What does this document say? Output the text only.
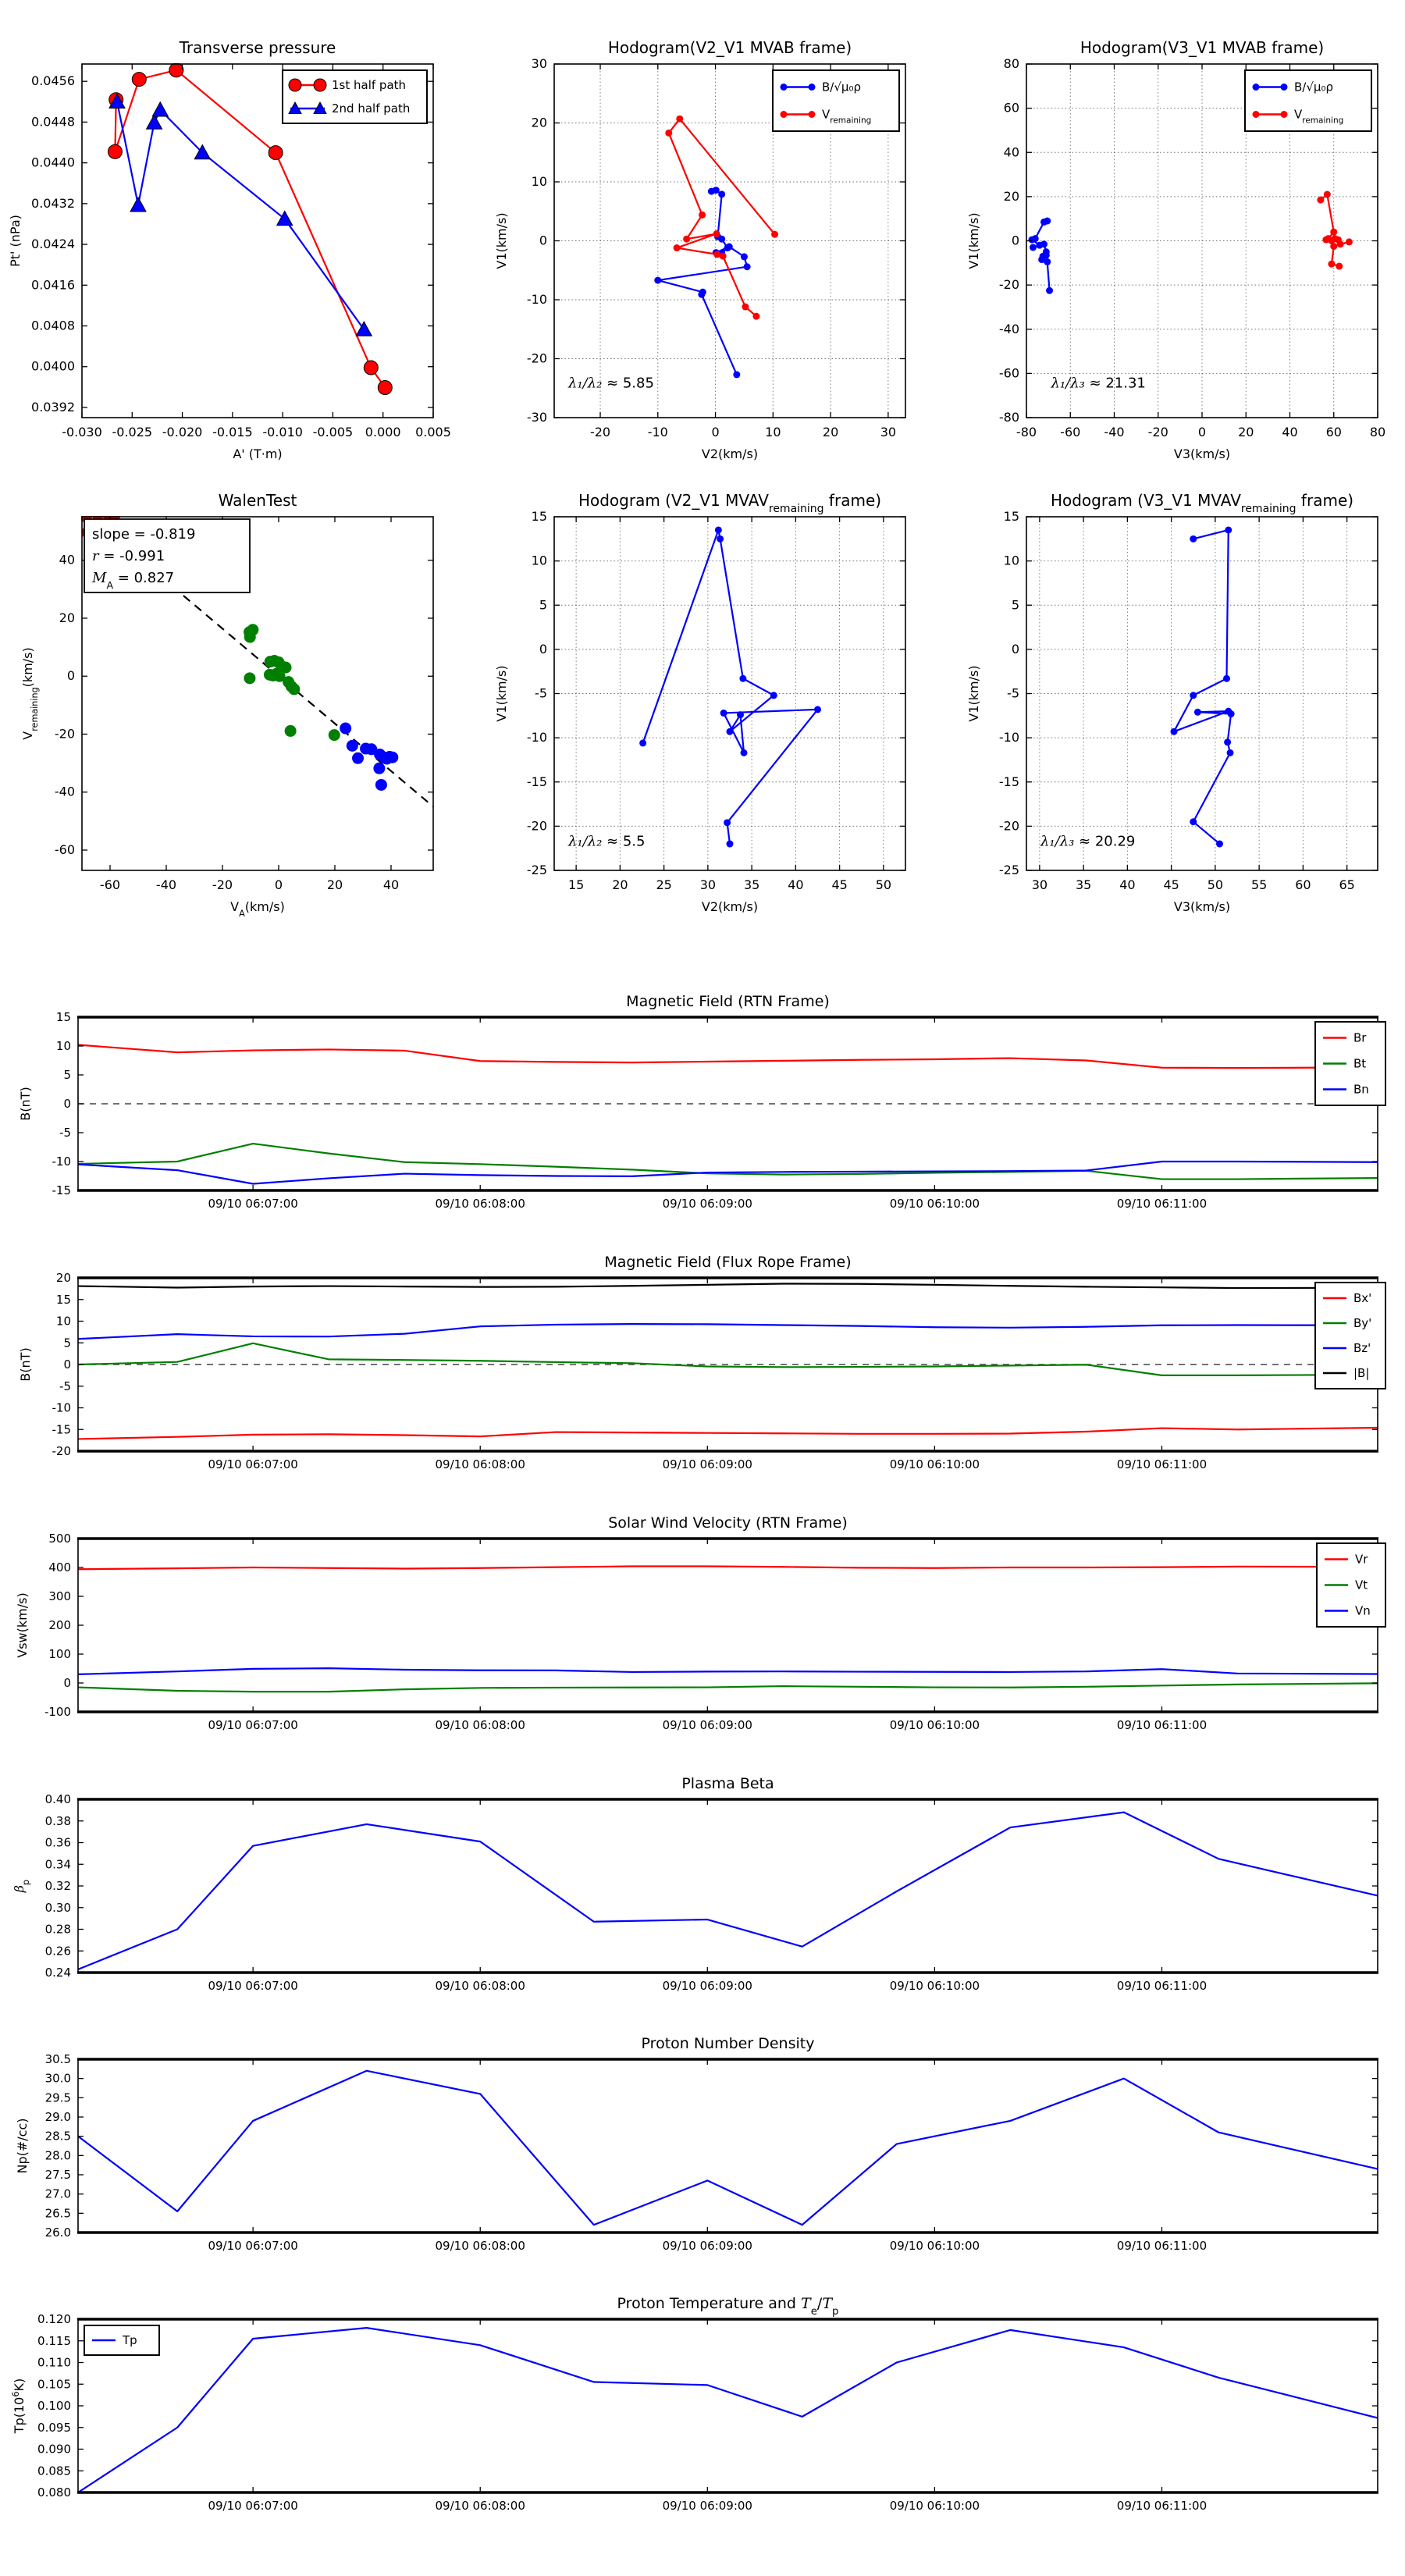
-0.030 -0.025 -0.020 -0.015 -0.010 -0.005 0.000 0.005
0.0392
0.0400
0.0408
0.0416
0.0424
0.0432
0.0440
0.0448
0.0456
Transverse pressure
A' (T·m)
Pt' (nPa)
1st half path
2nd half path
-20	-10	0	10	20	30
-30
-20
-10
0
10
20
30
Hodogram(V2_V1 MVAB frame)
V2(km/s)
V1(km/s)
B/√μ₀ρ
$V_{remaining}$
λ₁/λ₂ ≈ 5.85
-80 -60 -40 -20 0	20 40 60 80
-80
-60
-40
-20
0
20
40
60
80
Hodogram(V3_V1 MVAB frame)
V3(km/s)
V1(km/s)
B/√μ₀ρ
$V_{remaining}$
λ₁/λ₃ ≈ 21.31
-60	-40	-20	0	20	40
-60
-40
-20
0
20
40
WalenTest
$V_A(km/s)$
$V_{remaining}(km/s)$
slope = -0.819
r = -0.991
$M_A = 0.827$
15 20 25 30 35 40 45 50
-25
-20
-15
-10
-5
0
5
10
15
Hodogram (V2_V1 $MVAV_{remaining}$ frame)
V2(km/s)
V1(km/s)
λ₁/λ₂ ≈ 5.5
30 35 40 45 50 55 60 65
-25
-20
-15
-10
-5
0
5
10
15
Hodogram (V3_V1 $MVAV_{remaining}$ frame)
V3(km/s)
V1(km/s)
λ₁/λ₃ ≈ 20.29
09/10 06:07:00	09/10 06:08:00	09/10 06:09:00	09/10 06:10:00	09/10 06:11:00
-15
-10
-5
0
5
10
15
Magnetic Field (RTN Frame)
B(nT)
Br
Bt
Bn
09/10 06:07:00	09/10 06:08:00	09/10 06:09:00	09/10 06:10:00	09/10 06:11:00
-20
-15
-10
-5
0
5
10
15
20
Magnetic Field (Flux Rope Frame)
B(nT)
Bx'
By'
Bz'
|B|
09/10 06:07:00	09/10 06:08:00	09/10 06:09:00	09/10 06:10:00	09/10 06:11:00
-100
0
100
200
300
400
500
Solar Wind Velocity (RTN Frame)
Vsw(km/s)
Vr
Vt
Vn
09/10 06:07:00	09/10 06:08:00	09/10 06:09:00	09/10 06:10:00	09/10 06:11:00
0.24
0.26
0.28
0.30
0.32
0.34
0.36
0.38
0.40
Plasma Beta
$\beta_p$
09/10 06:07:00	09/10 06:08:00	09/10 06:09:00	09/10 06:10:00	09/10 06:11:00
26.0
26.5
27.0
27.5
28.0
28.5
29.0
29.5
30.0
30.5
Proton Number Density
Np(#/cc)
09/10 06:07:00	09/10 06:08:00	09/10 06:09:00	09/10 06:10:00	09/10 06:11:00
0.080
0.085
0.090
0.095
0.100
0.105
0.110
0.115
0.120
Proton Temperature and $T_e/T_p$
$Tp(10^6K)$
Tp
